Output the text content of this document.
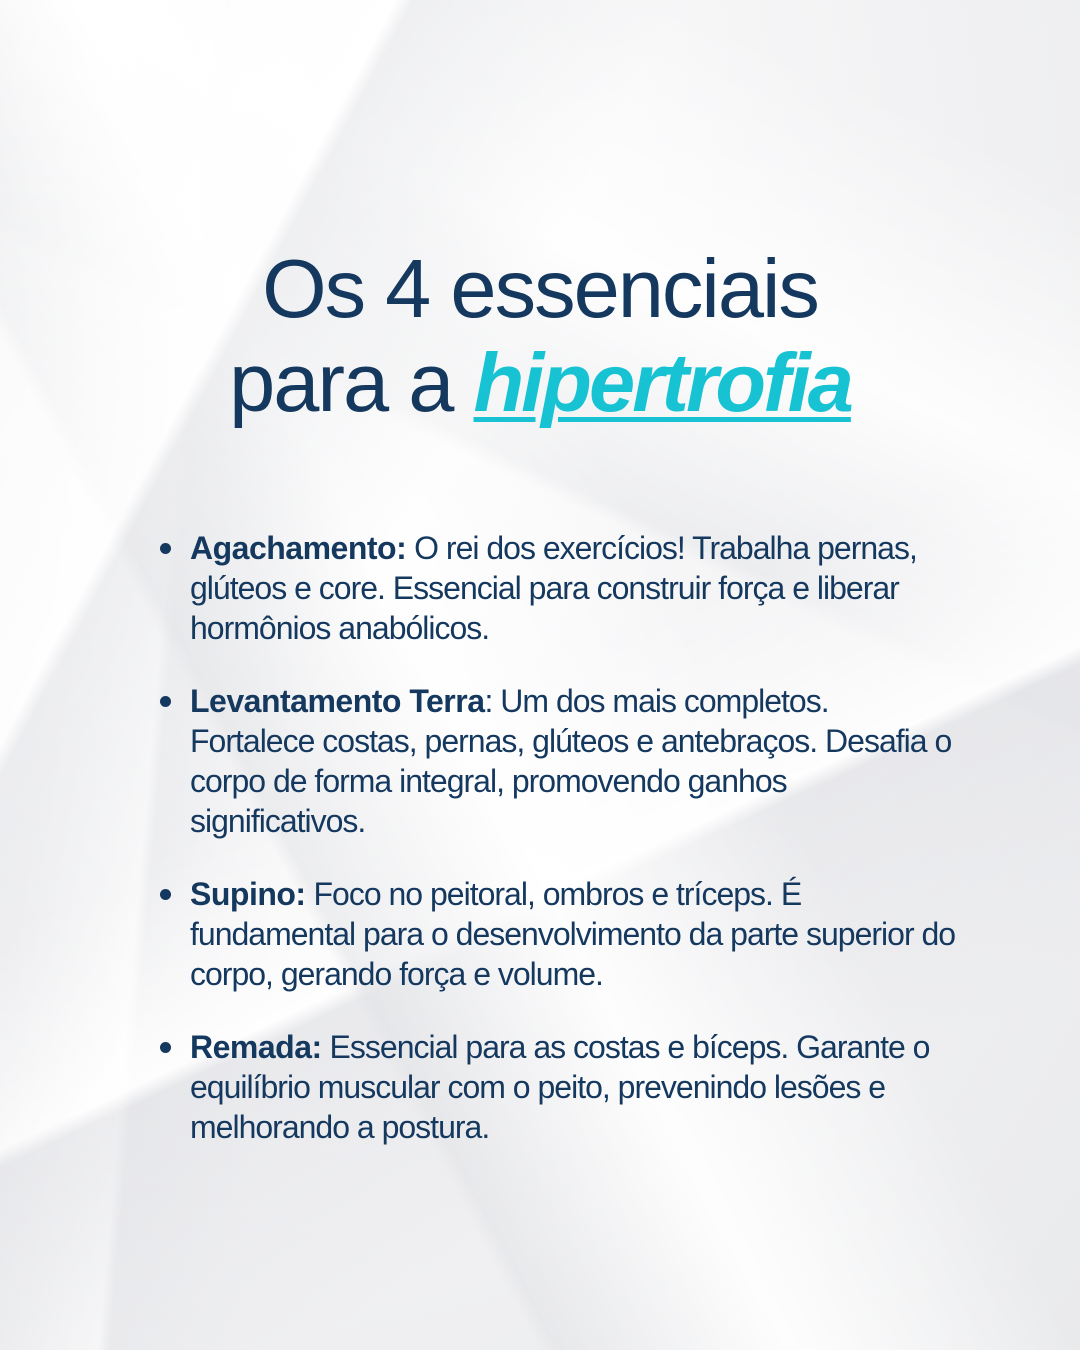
Os 4 essenciais
para a hipertrofia
Agachamento: O rei dos exercícios! Trabalha pernas, glúteos e core. Essencial para construir força e liberar hormônios anabólicos.
Levantamento Terra: Um dos mais completos. Fortalece costas, pernas, glúteos e antebraços. Desafia o corpo de forma integral, promovendo ganhos significativos.
Supino: Foco no peitoral, ombros e tríceps. É fundamental para o desenvolvimento da parte superior do corpo, gerando força e volume.
Remada: Essencial para as costas e bíceps. Garante o equilíbrio muscular com o peito, prevenindo lesões e melhorando a postura.
